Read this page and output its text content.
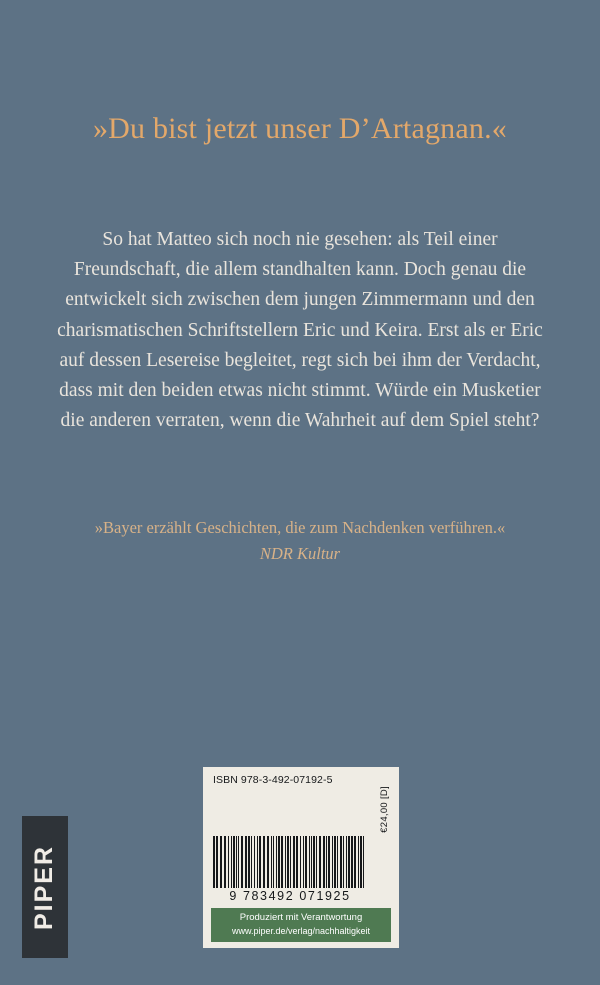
»Du bist jetzt unser D’Artagnan.«

So hat Matteo sich noch nie gesehen: als Teil einer Freundschaft, die allem standhalten kann. Doch genau die entwickelt sich zwischen dem jungen Zimmermann und den charismatischen Schriftstellern Eric und Keira. Erst als er Eric auf dessen Lesereise begleitet, regt sich bei ihm der Verdacht, dass mit den beiden etwas nicht stimmt. Würde ein Musketier die anderen verraten, wenn die Wahrheit auf dem Spiel steht?

»Bayer erzählt Geschichten, die zum Nachdenken verführen.« NDR Kultur
PIPER
ISBN 978-3-492-07192-5
€24,00 [D]
9 783492 071925
Produziert mit Verantwortung
www.piper.de/verlag/nachhaltigkeit
